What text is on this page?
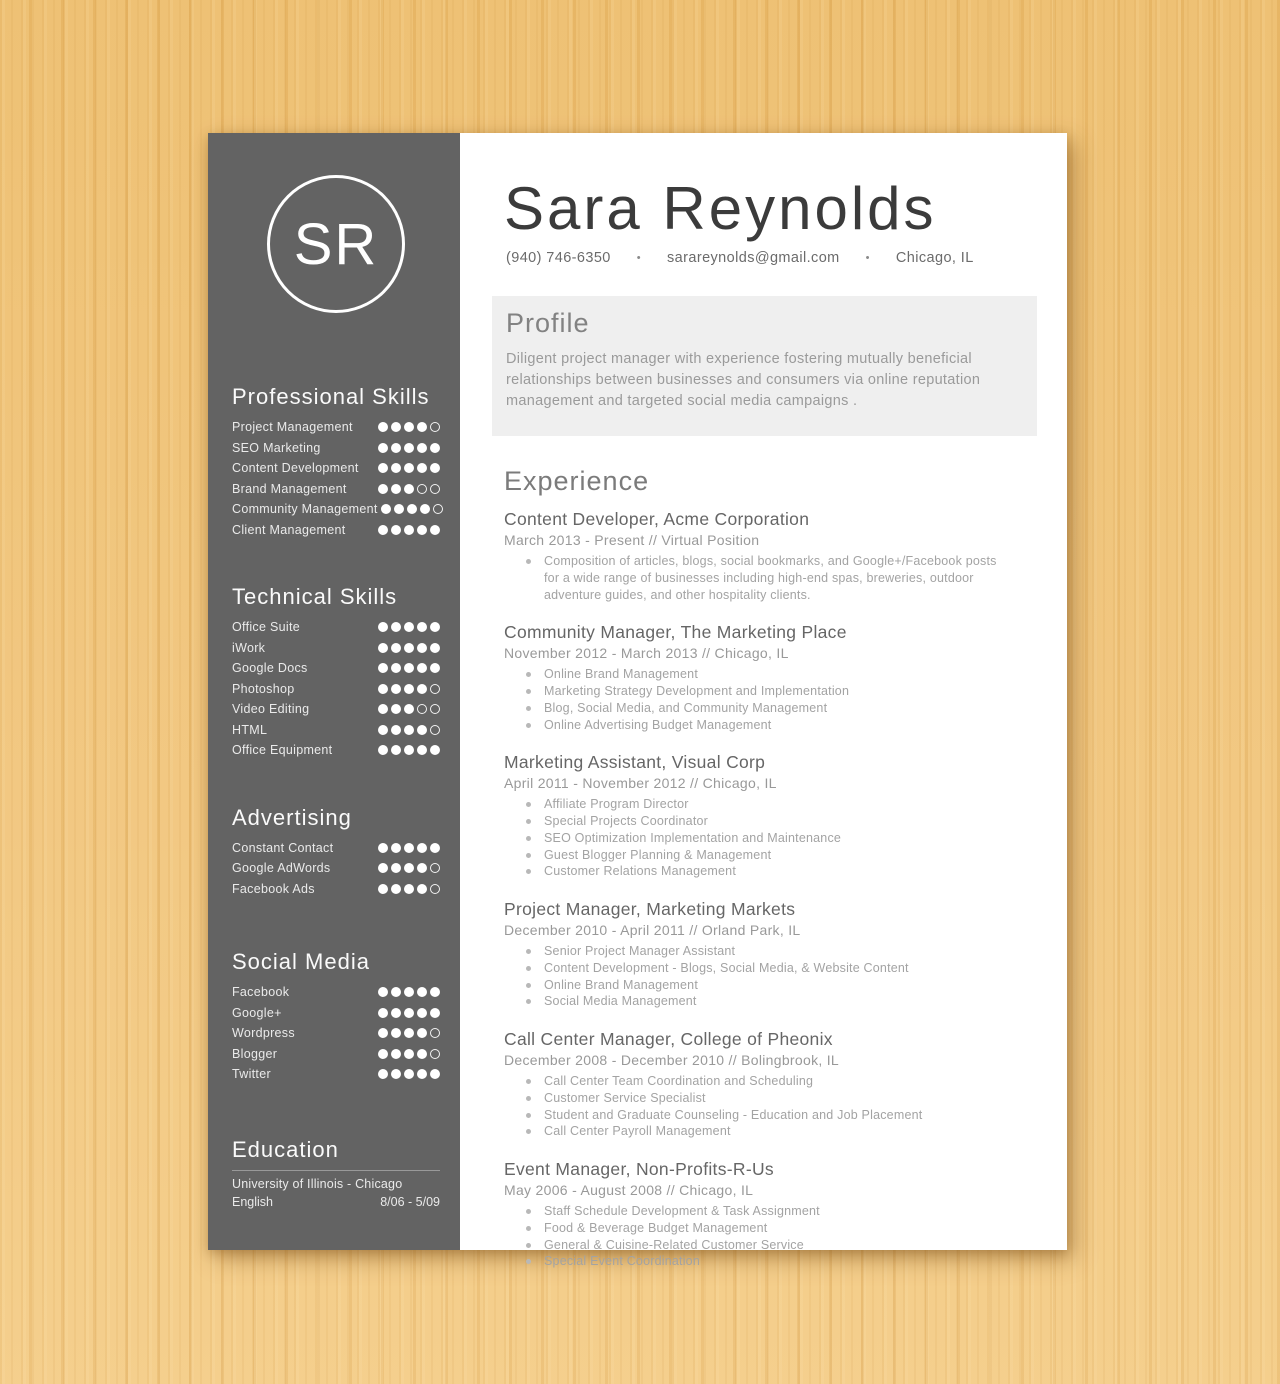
SR
Professional Skills
Project Management
SEO Marketing
Content Development
Brand Management
Community Management
Client Management
Technical Skills
Office Suite
iWork
Google Docs
Photoshop
Video Editing
HTML
Office Equipment
Advertising
Constant Contact
Google AdWords
Facebook Ads
Social Media
Facebook
Google+
Wordpress
Blogger
Twitter
Education
University of Illinois - Chicago
English	8/06 - 5/09
Sara Reynolds
(940) 746-6350 • sarareynolds@gmail.com • Chicago, IL
Profile

Diligent project manager with experience fostering mutually beneficial relationships between businesses and consumers via online reputation management and targeted social media campaigns .

Experience
Content Developer, Acme Corporation
March 2013 - Present // Virtual Position
Composition of articles, blogs, social bookmarks, and Google+/Facebook posts for a wide range of businesses including high-end spas, breweries, outdoor adventure guides, and other hospitality clients.
Community Manager, The Marketing Place
November 2012 - March 2013 // Chicago, IL
Online Brand Management
Marketing Strategy Development and Implementation
Blog, Social Media, and Community Management
Online Advertising Budget Management
Marketing Assistant, Visual Corp
April 2011 - November 2012 // Chicago, IL
Affiliate Program Director
Special Projects Coordinator
SEO Optimization Implementation and Maintenance
Guest Blogger Planning & Management
Customer Relations Management
Project Manager, Marketing Markets
December 2010 - April 2011 // Orland Park, IL
Senior Project Manager Assistant
Content Development - Blogs, Social Media, & Website Content
Online Brand Management
Social Media Management
Call Center Manager, College of Pheonix
December 2008 - December 2010 // Bolingbrook, IL
Call Center Team Coordination and Scheduling
Customer Service Specialist
Student and Graduate Counseling - Education and Job Placement
Call Center Payroll Management
Event Manager, Non-Profits-R-Us
May 2006 - August 2008 // Chicago, IL
Staff Schedule Development & Task Assignment
Food & Beverage Budget Management
General & Cuisine-Related Customer Service
Special Event Coordination
